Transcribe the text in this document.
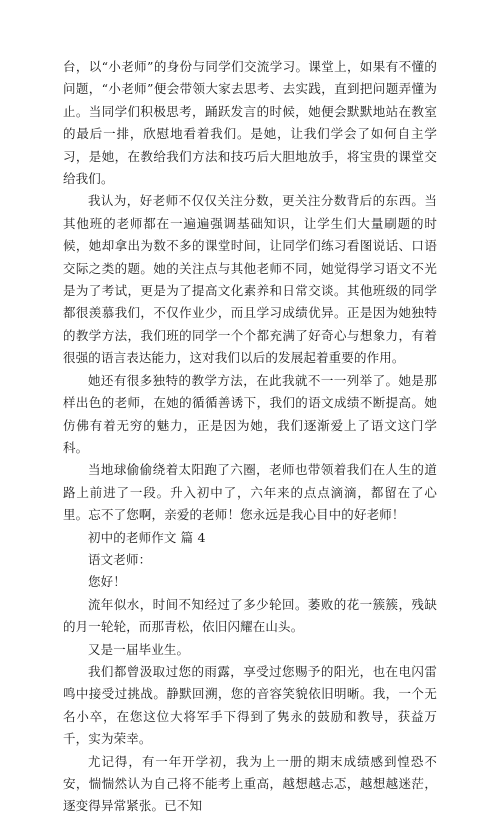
台，以“小老师”的身份与同学们交流学习。课堂上，如果有不懂的问题，“小老师”便会带领大家去思考、去实践，直到把问题弄懂为止。当同学们积极思考，踊跃发言的时候，她便会默默地站在教室的最后一排，欣慰地看着我们。是她，让我们学会了如何自主学习，是她，在教给我们方法和技巧后大胆地放手，将宝贵的课堂交给我们。

我认为，好老师不仅仅关注分数，更关注分数背后的东西。当其他班的老师都在一遍遍强调基础知识，让学生们大量刷题的时候，她却拿出为数不多的课堂时间，让同学们练习看图说话、口语交际之类的题。她的关注点与其他老师不同，她觉得学习语文不光是为了考试，更是为了提高文化素养和日常交谈。其他班级的同学都很羡慕我们，不仅作业少，而且学习成绩优异。正是因为她独特的教学方法，我们班的同学一个个都充满了好奇心与想象力，有着很强的语言表达能力，这对我们以后的发展起着重要的作用。

她还有很多独特的教学方法，在此我就不一一列举了。她是那样出色的老师，在她的循循善诱下，我们的语文成绩不断提高。她仿佛有着无穷的魅力，正是因为她，我们逐渐爱上了语文这门学科。

当地球偷偷绕着太阳跑了六圈，老师也带领着我们在人生的道路上前进了一段。升入初中了，六年来的点点滴滴，都留在了心里。忘不了您啊，亲爱的老师！您永远是我心目中的好老师！

初中的老师作文 篇 4

语文老师：

您好！

流年似水，时间不知经过了多少轮回。萎败的花一簇簇，残缺的月一轮轮，而那青松，依旧闪耀在山头。

又是一届毕业生。

我们都曾汲取过您的雨露，享受过您赐予的阳光，也在电闪雷鸣中接受过挑战。静默回溯，您的音容笑貌依旧明晰。我，一个无名小卒，在您这位大将军手下得到了隽永的鼓励和教导，获益万千，实为荣幸。

尤记得，有一年开学初，我为上一册的期末成绩感到惶恐不安，惴惴然认为自己将不能考上重高，越想越忐忑，越想越迷茫，逐变得异常紧张。已不知
